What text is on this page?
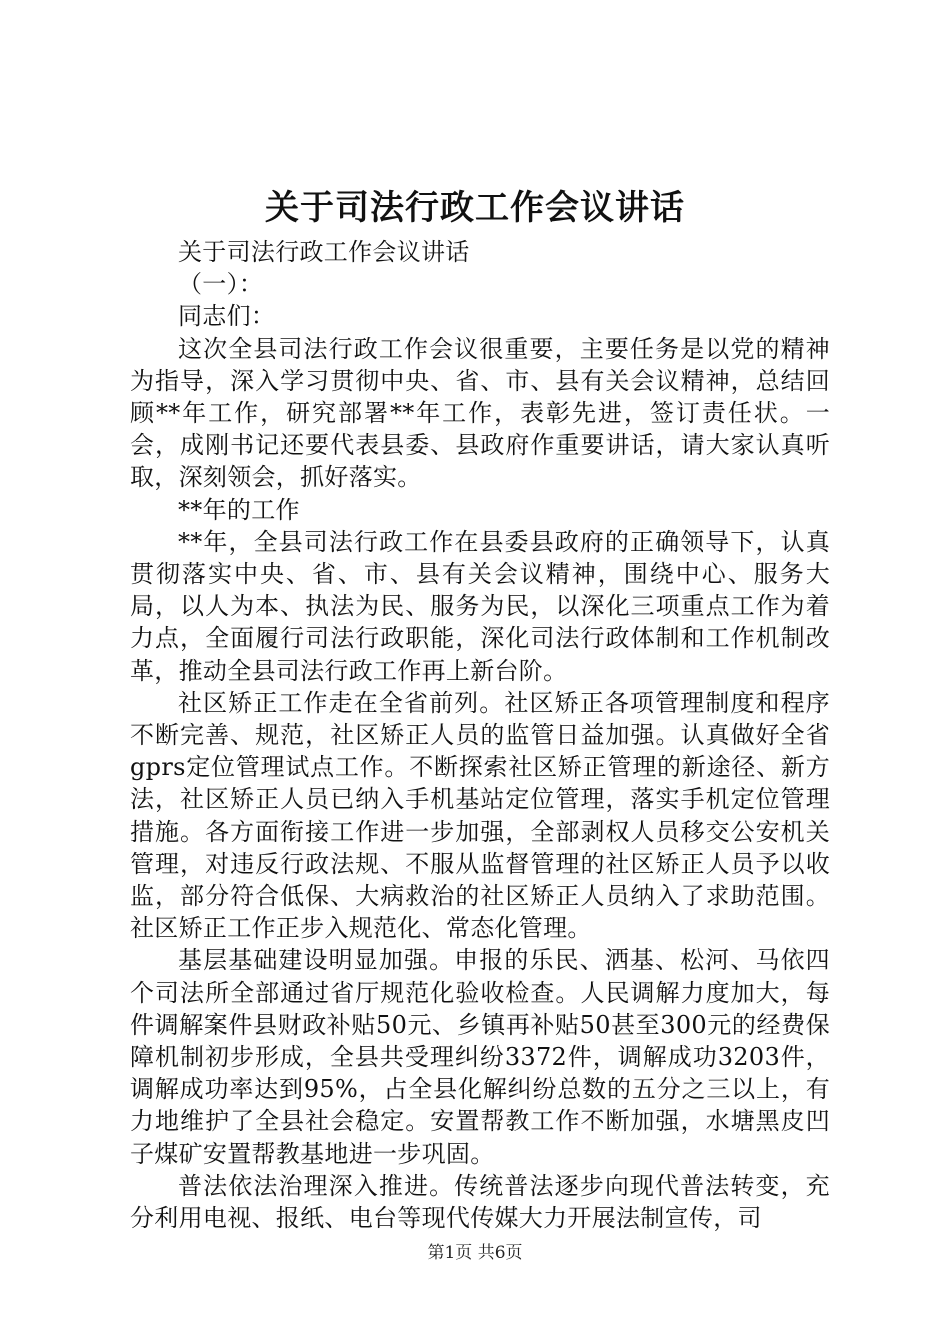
关于司法行政工作会议讲话

关于司法行政工作会议讲话

（一）：

同志们：

这次全县司法行政工作会议很重要，主要任务是以党的精神为指导，深入学习贯彻中央、省、市、县有关会议精神，总结回顾**年工作，研究部署**年工作，表彰先进，签订责任状。一会，成刚书记还要代表县委、县政府作重要讲话，请大家认真听取，深刻领会，抓好落实。

**年的工作

**年，全县司法行政工作在县委县政府的正确领导下，认真贯彻落实中央、省、市、县有关会议精神，围绕中心、服务大局，以人为本、执法为民、服务为民，以深化三项重点工作为着力点，全面履行司法行政职能，深化司法行政体制和工作机制改革，推动全县司法行政工作再上新台阶。

社区矫正工作走在全省前列。社区矫正各项管理制度和程序不断完善、规范，社区矫正人员的监管日益加强。认真做好全省gprs定位管理试点工作。不断探索社区矫正管理的新途径、新方法，社区矫正人员已纳入手机基站定位管理，落实手机定位管理措施。各方面衔接工作进一步加强，全部剥权人员移交公安机关管理，对违反行政法规、不服从监督管理的社区矫正人员予以收监，部分符合低保、大病救治的社区矫正人员纳入了求助范围。社区矫正工作正步入规范化、常态化管理。

基层基础建设明显加强。申报的乐民、洒基、松河、马依四个司法所全部通过省厅规范化验收检查。人民调解力度加大，每件调解案件县财政补贴50元、乡镇再补贴50甚至300元的经费保障机制初步形成，全县共受理纠纷3372件，调解成功3203件，调解成功率达到95%，占全县化解纠纷总数的五分之三以上，有力地维护了全县社会稳定。安置帮教工作不断加强，水塘黑皮凹子煤矿安置帮教基地进一步巩固。

普法依法治理深入推进。传统普法逐步向现代普法转变，充分利用电视、报纸、电台等现代传媒大力开展法制宣传，司

第1页 共6页
